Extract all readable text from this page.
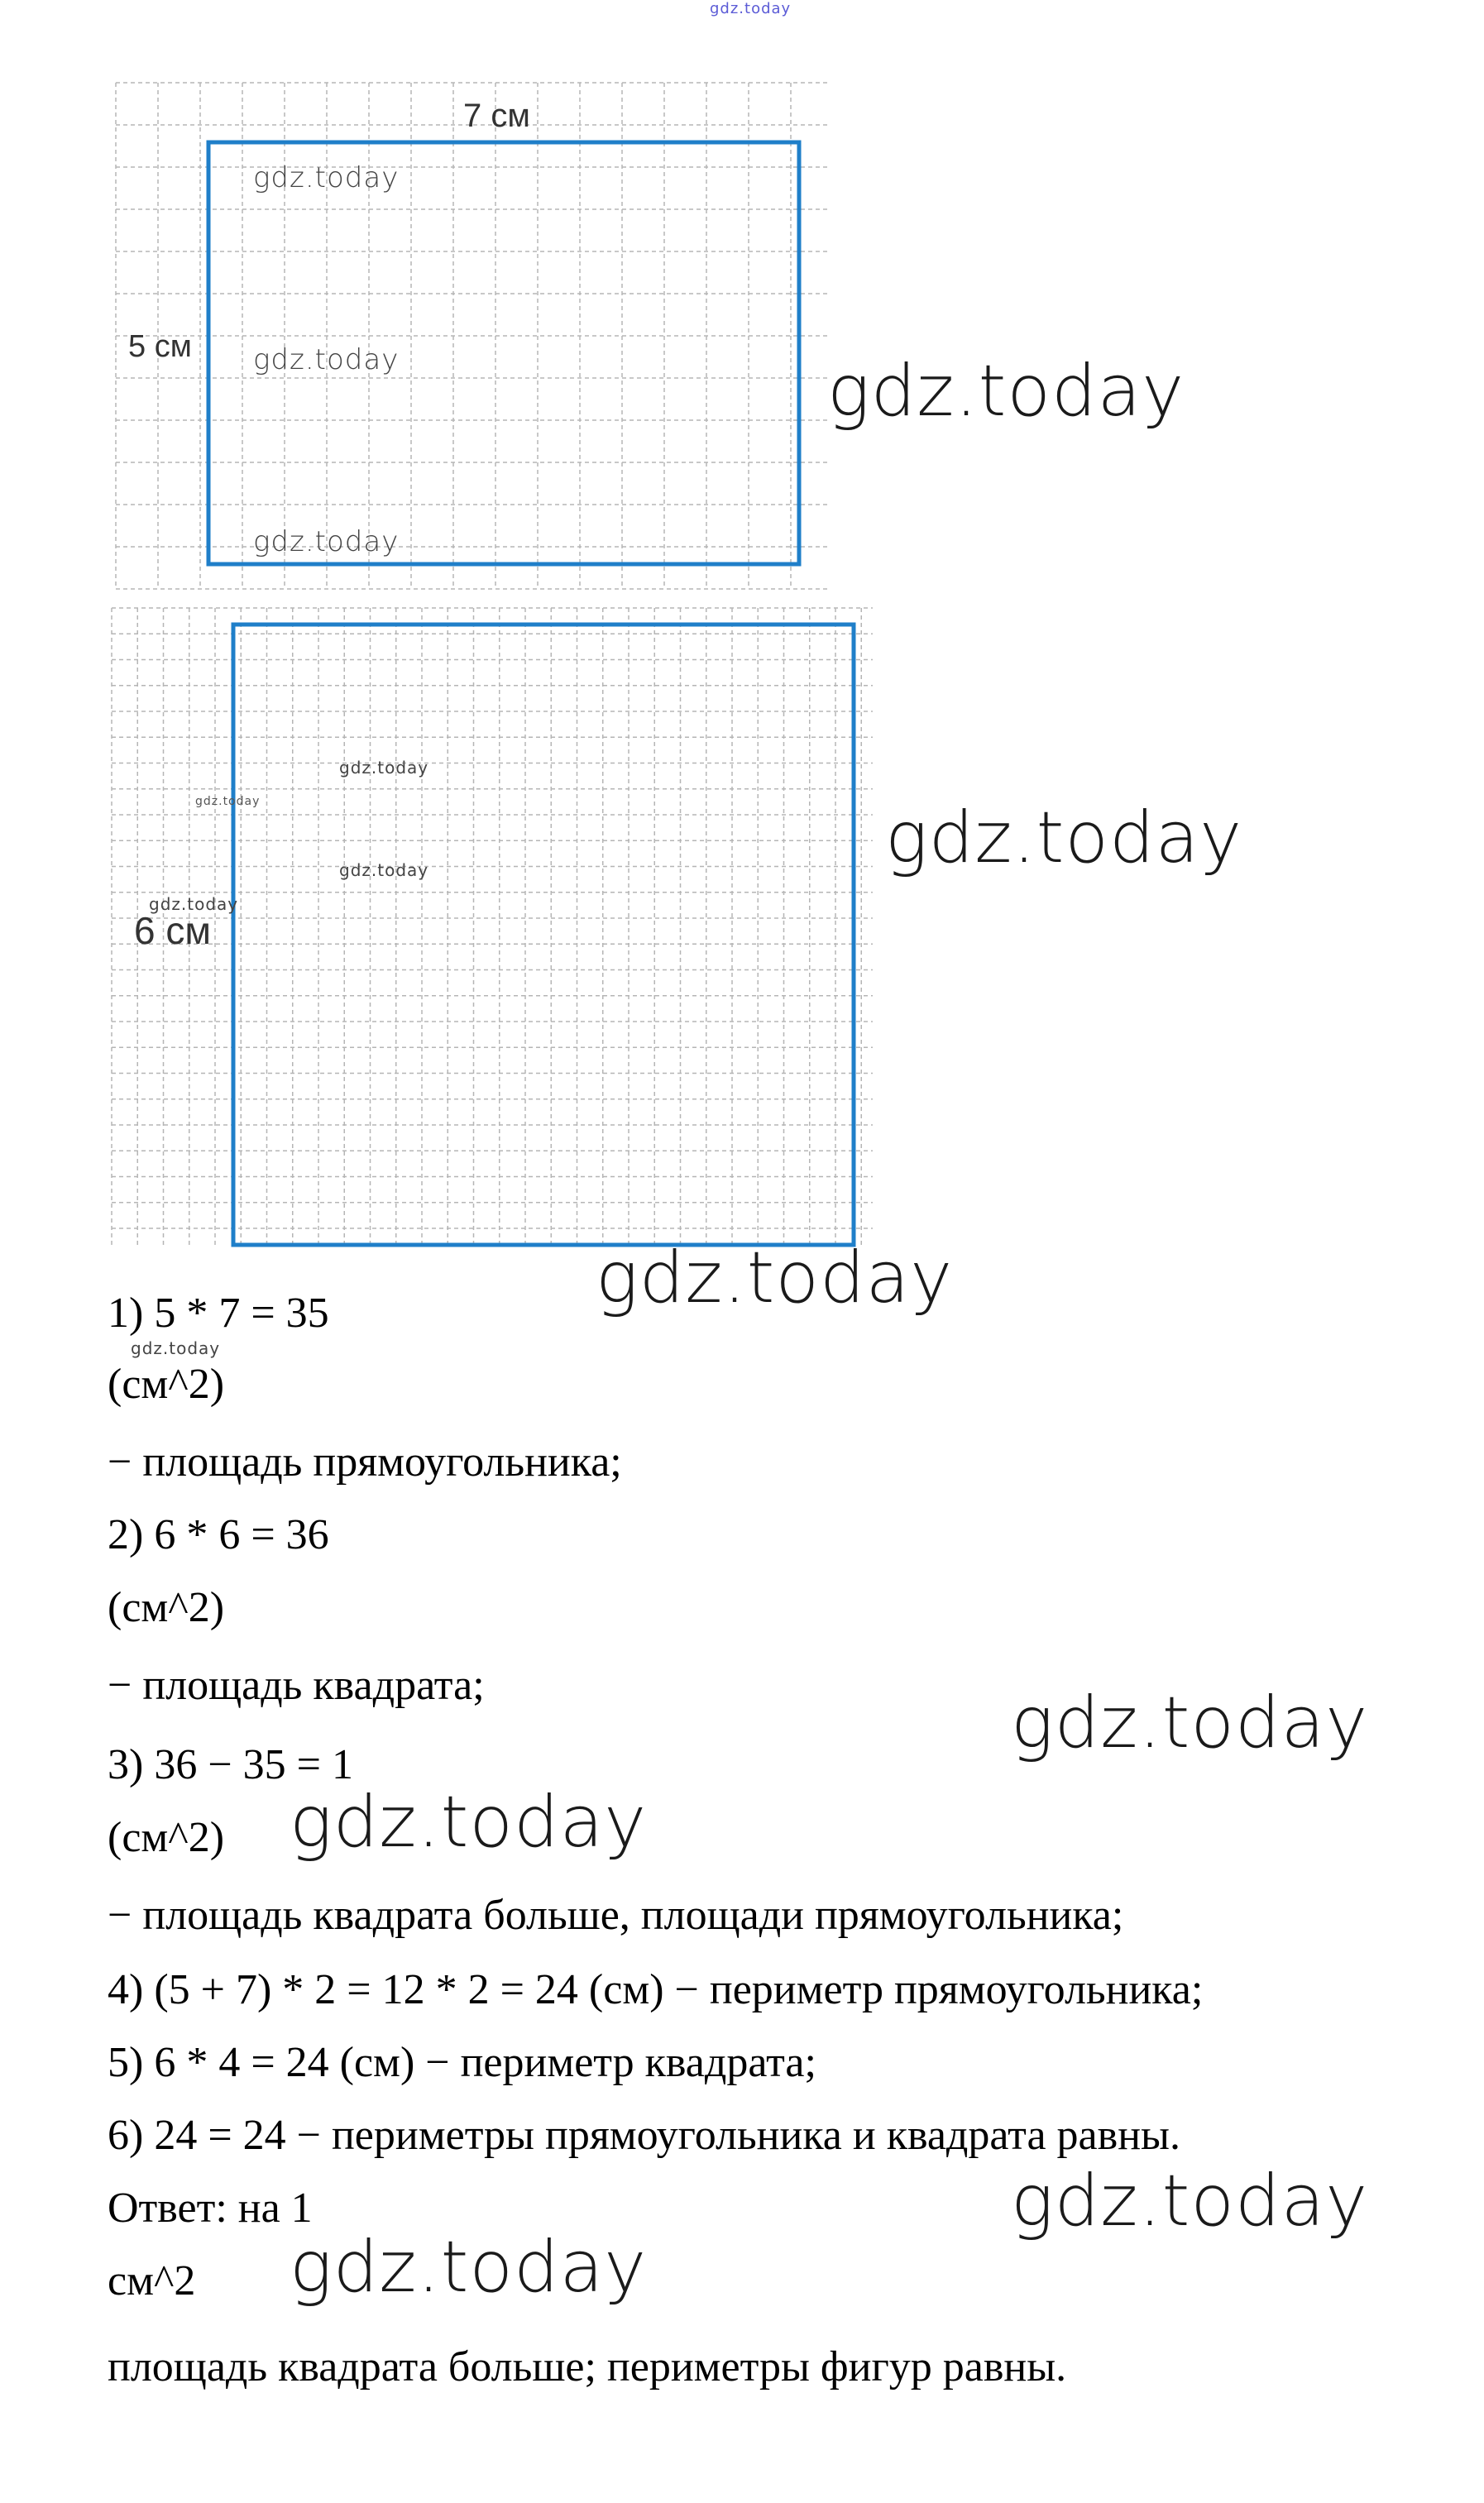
gdz.today
7 см
5 см
gdz.today
gdz.today
gdz.today
gdz.today
6 см
gdz.today
gdz.today
gdz.today
gdz.today
gdz.today
gdz.today
1) 5 * 7 = 35
gdz.today
(см^2)
− площадь прямоугольника;
2) 6 * 6 = 36
(см^2)
− площадь квадрата;	gdz.today
3) 36 − 35 = 1
gdz.today
(см^2)
− площадь квадрата больше, площади прямоугольника;
4) (5 + 7) * 2 = 12 * 2 = 24 (см) − периметр прямоугольника;
5) 6 * 4 = 24 (см) − периметр квадрата;
6) 24 = 24 − периметры прямоугольника и квадрата равны.
Ответ: на 1	gdz.today
см^2 gdz.today
площадь квадрата больше; периметры фигур равны.
